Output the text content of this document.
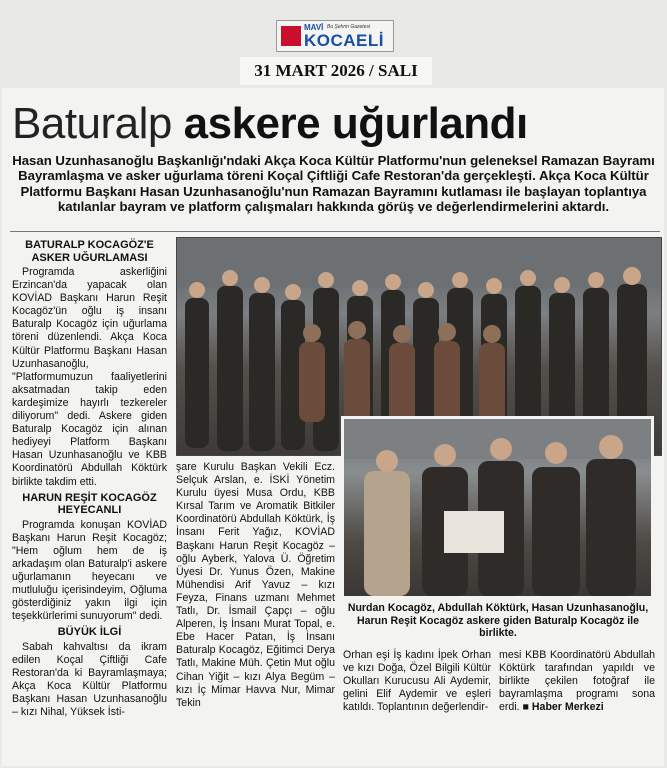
MAVİ Bu Şehrin Gazetesi
KOCAELİ
31 MART 2026 / SALI
Baturalp askere uğurlandı
Hasan Uzunhasanoğlu Başkanlığı'ndaki Akça Koca Kültür Platformu'nun geleneksel Ramazan Bayramı Bayramlaşma ve asker uğurlama töreni Koçal Çiftliği Cafe Restoran'da gerçekleşti. Akça Koca Kültür Platformu Başkanı Hasan Uzunhasanoğlu'nun Ramazan Bayramını kutlaması ile başlayan toplantıya katılanlar bayram ve platform çalışmaları hakkında görüş ve değerlendirmelerini aktardı.
BATURALP KOCAGÖZ'E ASKER UĞURLAMASI

Programda askerliğini Erzincan'da yapacak olan KOVİAD Başkanı Harun Reşit Kocagöz'ün oğlu iş insanı Baturalp Kocagöz için uğurlama töreni düzenlendi. Akça Koca Kültür Platformu Başkanı Hasan Uzunhasanoğlu, "Platformumuzun faaliyetlerini aksatmadan takip eden kardeşimize hayırlı tezkereler diliyorum" dedi. Askere giden Baturalp Kocagöz için alınan hediyeyi Platform Başkanı Hasan Uzunhasanoğlu ve KBB Koordinatörü Abdullah Köktürk birlikte takdim etti.

HARUN REŞİT KOCAGÖZ HEYECANLI

Programda konuşan KOVİAD Başkanı Harun Reşit Kocagöz; "Hem oğlum hem de iş arkadaşım olan Baturalp'i askere uğurlamanın heyecanı ve mutluluğu içerisindeyim, Oğluma gösterdiğiniz yakın ilgi için teşekkürlerimi sunuyorum" dedi.

BÜYÜK İLGİ

Sabah kahvaltısı da ikram edilen Koçal Çiftliği Cafe Restoran'da ki Bayramlaşmaya; Akça Koca Kültür Platformu Başkanı Hasan Uzunhasanoğlu – kızı Nihal, Yüksek İsti-

Nurdan Kocagöz, Abdullah Köktürk, Hasan Uzunhasanoğlu, Harun Reşit Kocagöz askere giden Baturalp Kocagöz ile birlikte.

şare Kurulu Başkan Vekili Ecz. Selçuk Arslan, e. İSKİ Yönetim Kurulu üyesi Musa Ordu, KBB Kırsal Tarım ve Aromatik Bitkiler Koordinatörü Abdullah Köktürk, İş İnsanı Ferit Yağız, KOVİAD Başkanı Harun Reşit Kocagöz – oğlu Ayberk, Yalova Ü. Öğretim Üyesi Dr. Yunus Özen, Makine Mühendisi Arif Yavuz – kızı Feyza, Finans uzmanı Mehmet Tatlı, Dr. İsmail Çapçı – oğlu Alperen, İş İnsanı Murat Topal, e. Ebe Hacer Patan, İş İnsanı Baturalp Kocagöz, Eğitimci Derya Tatlı, Makine Müh. Çetin Mut oğlu Cihan Yiğit – kızı Alya Begüm – kızı İç Mimar Havva Nur, Mimar Tekin

Orhan eşi İş kadını İpek Orhan ve kızı Doğa, Özel Bilgili Kültür Okulları Kurucusu Ali Aydemir, gelini Elif Aydemir ve eşleri katıldı. Toplantının değerlendir-

mesi KBB Koordinatörü Abdullah Köktürk tarafından yapıldı ve birlikte çekilen fotoğraf ile bayramlaşma programı sona erdi. ■ Haber Merkezi
